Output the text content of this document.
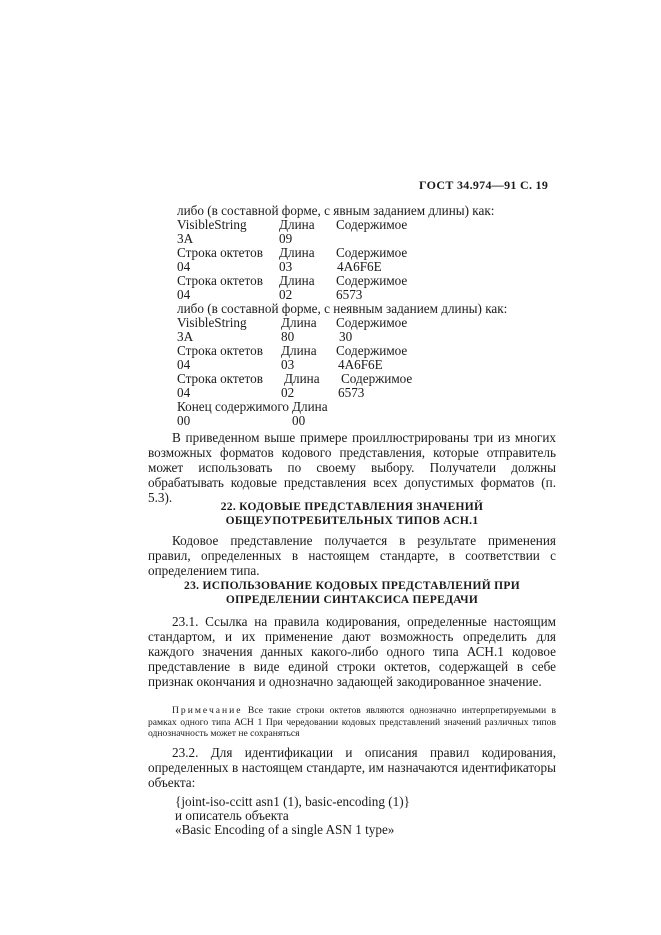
ГОСТ 34.974—91 С. 19
либо (в составной форме, с явным заданием длины) как:
VisibleString Длина Содержимое
3A	09
Строка октетов Длина Содержимое
04	03	4A6F6E
Строка октетов Длина Содержимое
04	02	6573
либо (в составной форме, с неявным заданием длины) как:
VisibleString	Длина Содержимое
3A	80	30
Строка октетов Длина Содержимое
04	03	4A6F6E
Строка октетов Длина Содержимое
04	02	6573
Конец содержимого Длина
00	00
В приведенном выше примере проиллюстрированы три из многих возможных форматов кодового представления, которые отправитель может использовать по своему выбору. Получатели должны обрабатывать кодовые представления всех допустимых форматов (п. 5.3).
22. КОДОВЫЕ ПРЕДСТАВЛЕНИЯ ЗНАЧЕНИЙ
ОБЩЕУПОТРЕБИТЕЛЬНЫХ ТИПОВ АСН.1
Кодовое представление получается в результате применения правил, определенных в настоящем стандарте, в соответствии с определением типа.
23. ИСПОЛЬЗОВАНИЕ КОДОВЫХ ПРЕДСТАВЛЕНИЙ ПРИ
ОПРЕДЕЛЕНИИ СИНТАКСИСА ПЕРЕДАЧИ
23.1. Ссылка на правила кодирования, определенные настоящим стандартом, и их применение дают возможность определить для каждого значения данных какого-либо одного типа АСН.1 кодовое представление в виде единой строки октетов, содержащей в себе признак окончания и однозначно задающей закодированное значение.
Примечание Все такие строки октетов являются однозначно интерпретируемыми в рамках одного типа АСН 1 При чередовании кодовых представлений значений различных типов однозначность может не сохраняться
23.2. Для идентификации и описания правил кодирования, определенных в настоящем стандарте, им назначаются идентификаторы объекта:
{joint-iso-ccitt asn1 (1), basic-encoding (1)}
и описатель объекта
«Basic Encoding of a single ASN 1 type»
